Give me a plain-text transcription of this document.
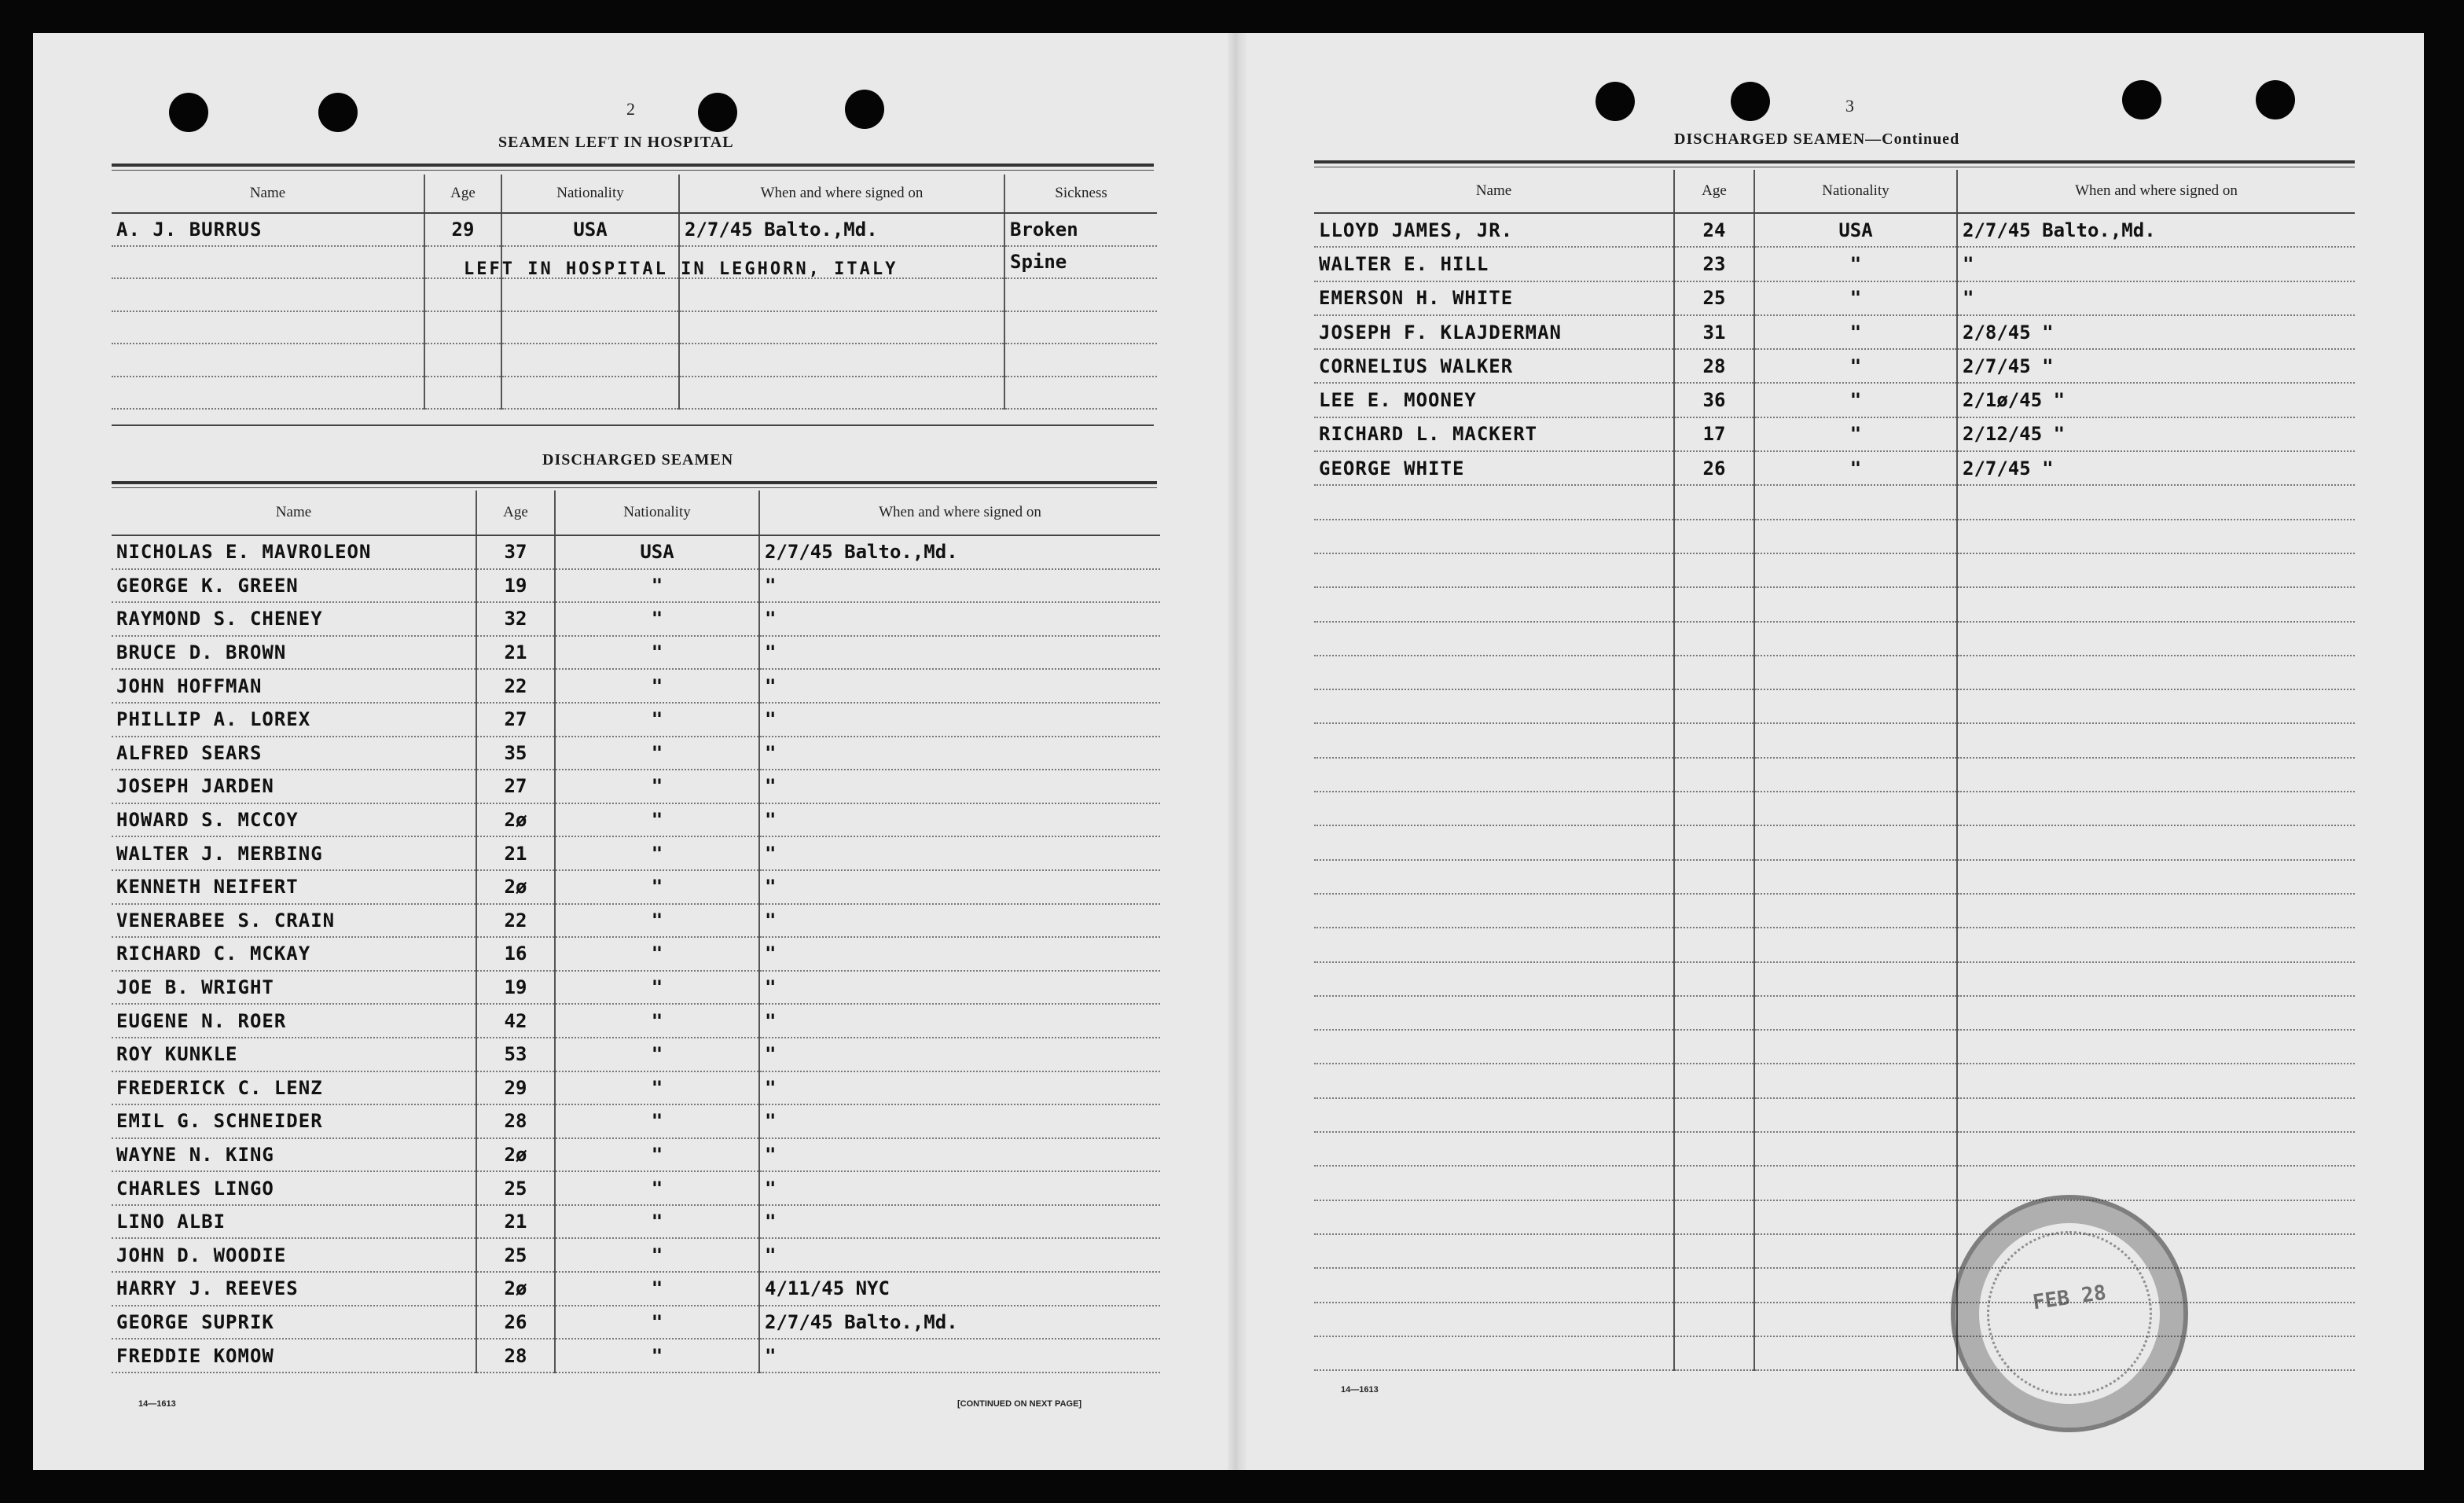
2
SEAMEN LEFT IN HOSPITAL
Name	Age	Nationality	When and where signed on	Sickness
A. J. BURRUS	29	USA	2/7/45 Balto.,Md.	Broken
				Spine

LEFT IN HOSPITAL IN LEGHORN, ITALY
DISCHARGED SEAMEN
Name	Age	Nationality	When and where signed on
NICHOLAS E. MAVROLEON	37	USA	2/7/45 Balto.,Md.
GEORGE K. GREEN	19	"	"
RAYMOND S. CHENEY	32	"	"
BRUCE D. BROWN	21	"	"
JOHN HOFFMAN	22	"	"
PHILLIP A. LOREX	27	"	"
ALFRED SEARS	35	"	"
JOSEPH JARDEN	27	"	"
HOWARD S. MCCOY	2ø	"	"
WALTER J. MERBING	21	"	"
KENNETH NEIFERT	2ø	"	"
VENERABEE S. CRAIN	22	"	"
RICHARD C. MCKAY	16	"	"
JOE B. WRIGHT	19	"	"
EUGENE N. ROER	42	"	"
ROY KUNKLE	53	"	"
FREDERICK C. LENZ	29	"	"
EMIL G. SCHNEIDER	28	"	"
WAYNE N. KING	2ø	"	"
CHARLES LINGO	25	"	"
LINO ALBI	21	"	"
JOHN D. WOODIE	25	"	"
HARRY J. REEVES	2ø	"	4/11/45 NYC
GEORGE SUPRIK	26	"	2/7/45 Balto.,Md.
FREDDIE KOMOW	28	"	"
14—1613	[CONTINUED ON NEXT PAGE]
3
DISCHARGED SEAMEN—Continued
Name	Age	Nationality	When and where signed on
LLOYD JAMES, JR.	24	USA	2/7/45 Balto.,Md.
WALTER E. HILL	23	"	"
EMERSON H. WHITE	25	"	"
JOSEPH F. KLAJDERMAN	31	"	2/8/45 "
CORNELIUS WALKER	28	"	2/7/45 "
LEE E. MOONEY	36	"	2/1ø/45 "
RICHARD L. MACKERT	17	"	2/12/45 "
GEORGE WHITE	26	"	2/7/45 "

14—1613
FEB 28
